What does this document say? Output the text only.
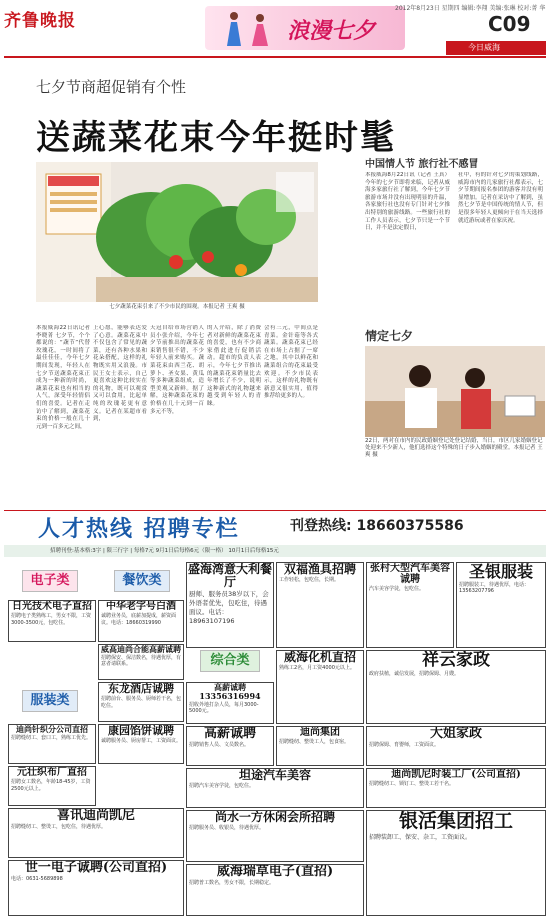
齐鲁晚报	浪漫七夕
2012年8月23日 星期四 编辑:李翔 美编:张琳 校对:菁 华
C09
今日威海
七夕节商超促销有个性
送蔬菜花束今年挺时髦
七夕蔬菜花束引来了不少市民的围观。本报记者 王爽 摄
本报威海22日讯记者李晓菁 七夕节，个个都说的：“蔬节”代替玫瑰花，一时间将了最佳佳佳，今年七夕期间发现，年轻人在七夕节送蔬菜花束正成为一种新的时尚，蔬菜花束也有相当的人气，深受年轻情侣们的喜爱。记者在走访中了解到，蔬菜花束的价格一般在几十元到一百多元之间，
上心愿，能够表达爱了心意。蔬菜花束中不仅包含了常见的蔬菜，还有各种水果和花朵搭配，这样的礼物既实用又浪漫。市民王女士表示，自己更喜欢这种比较实在的礼物，既可以观赏又可以食用，比起单纯的玫瑰花更有意义。记者在某超市看到，
天冠自给市场营销人员小张介绍，今年七夕节前推出的蔬菜花束销售很不错，不少年轻人前来购买。蔬菜花束由西兰花、胡萝卜、圣女果、黄瓜等多种蔬菜组成，造型美观又新鲜。据了解，这种蔬菜花束的价格在几十元到一百多元不等，
的人介绍，除了消费者对新鲜的蔬菜花束的喜爱，也有不少商家借此进行促销活动。超市的负责人表示，今年七夕节推出的蔬菜花束销量比去年增长了不少，说明这种新式的礼物越来越受到年轻人的青睐。
会有三元，中间点是青菜。金针菇等各式蔬菜。蔬菜花束已经在市场上占据了一席之地，其中以鲜花和蔬菜组合的花束最受欢迎。不少市民表示，这样的礼物既有新意又很实用，值得推荐给更多的人。
中国情人节 旅行社不感冒
本报威海8月22日讯（记者 王真）今年的七夕节即将来临，记者从威海多家旅行社了解到，今年七夕节旅游市场并没有出现明显的升温，各家旅行社也没有专门针对七夕推出特别的旅游线路。一些旅行社的工作人员表示，七夕节只是一个节日，并不是法定假日，
社中，有的针对七夕的策划线路，威海市内的几家旅行社都表示，七夕节期间报名参团的游客并没有明显增加。记者在采访中了解到，虽然七夕节是中国传统的情人节，但是很多年轻人更倾向于在当天选择就近游玩或者在家庆祝。
情定七夕
22日，两对在市内的民政婚姻登记处登记结婚，当日，市区几家婚姻登记处迎来不少新人，他们选择这个特殊的日子步入婚姻的殿堂。本报记者 王爽 摄
人才热线 招聘专栏	刊登热线: 18660375586
招聘刊登:基本格:3字 | 限三行字 | 每格7元 9月1日后每格6元（限一格） 10月1日后每格15元
电子类	餐饮类
综合类
服装类
日光技术电子直招
招聘电子类熟练工，男女不限，工资3000-3500元，包吃住。
中华老字号白酒
诚聘业务员，底薪加提成，薪资面议。电话：18660319990
威高迪尚合能高薪诚聘
招聘保安、保洁数名，待遇优厚，有意者请联系。
东龙酒店诚聘
招聘前台、服务员、厨师若干名，包吃住。
康园馅饼诚聘
诚聘服务员、厨房帮工，工资面议。
元壮织布厂直招
招聘女工数名，年龄18-45岁，工资2500元以上。
喜讯迪尚凯尼
招聘缝纫工、整烫工，包吃住，待遇优厚。
世一电子诚聘(公司直招)
电话：0631-5689898
迪尚针织分公司直招
招聘缝纫工、套口工，熟练工优先。
盛海湾意大利餐厅
厨师、服务员38岁以下，会外语者优先，包吃住，待遇面议。电话：18963107196
双福渔具招聘
工作轻松，包吃住，长期。
张村大型汽车美容诚聘
汽车美容学徒，包吃住。
圣银服装
招聘服装工，待遇优厚，电话：13563207796
高薪诚聘 13356316994
招收外地打杂人员，每月3000-5000元。
威海化机直招
熟练工2名，月工资4000元以上。	祥云家政
政府扶植，诚信发展，招聘保姆、月嫂。
高薪诚聘
招聘销售人员、文员数名。
迪尚集团
招聘缝纫、整烫工人，包食宿。
大姐家政
招聘保姆、育婴师，工资面议。
坦途汽车美容
招聘汽车美容学徒，包吃住。
迪尚凯尼时装工厂(公司直招)
招聘缝纫工、锁钉工、整烫工若干名。
尚水一方休闲会所招聘
招聘服务员、收银员，待遇优厚。	银活集团招工
招聘装卸工、保安、杂工，工资面议。
威海瑞草电子(直招)
招聘普工数名，男女不限，长期稳定。
